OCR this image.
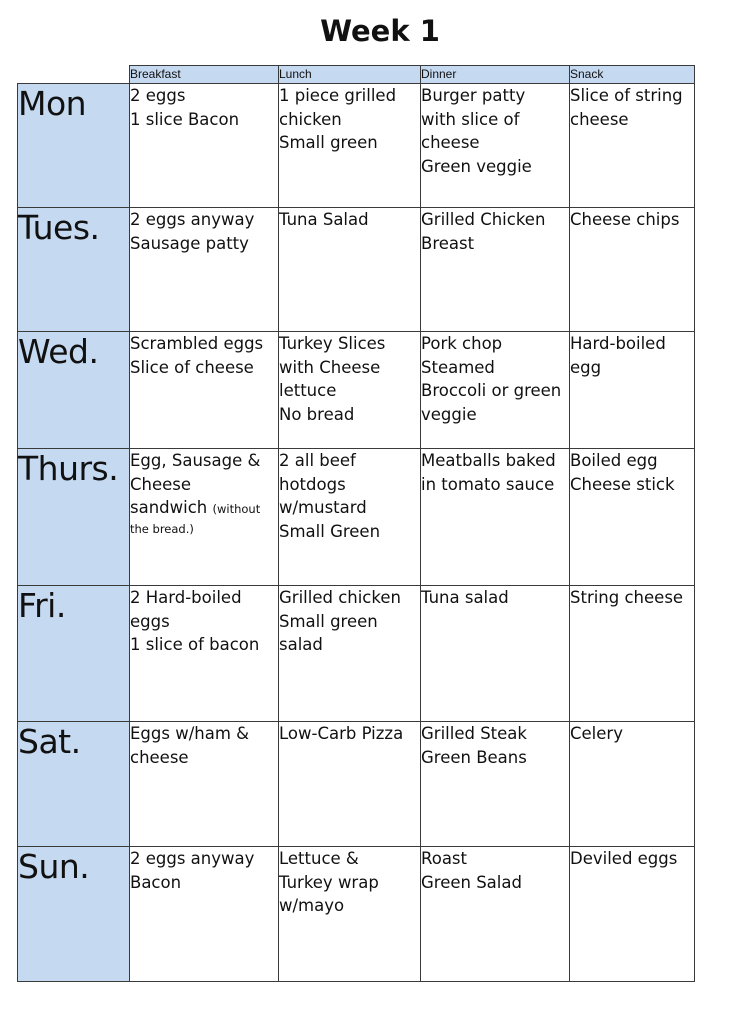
Week 1
	Breakfast	Lunch	Dinner	Snack
Mon	2 eggs
1 slice Bacon	1 piece grilled
chicken
Small green	Burger patty
with slice of
cheese
Green veggie	Slice of string
cheese

Tues.	2 eggs anyway
Sausage patty	Tuna Salad	Grilled Chicken
Breast	Cheese chips

Wed.	Scrambled eggs
Slice of cheese	Turkey Slices
with Cheese
lettuce
No bread	Pork chop
Steamed
Broccoli or green
veggie	Hard-boiled
egg

Thurs.	Egg, Sausage &
Cheese
sandwich (without
the bread.)	2 all beef
hotdogs
w/mustard
Small Green	Meatballs baked
in tomato sauce	Boiled egg
Cheese stick

Fri.	2 Hard-boiled
eggs
1 slice of bacon	Grilled chicken
Small green
salad	Tuna salad	String cheese

Sat.	Eggs w/ham &
cheese	Low-Carb Pizza	Grilled Steak
Green Beans	Celery

Sun.	2 eggs anyway
Bacon	Lettuce &
Turkey wrap
w/mayo	Roast
Green Salad	Deviled eggs
